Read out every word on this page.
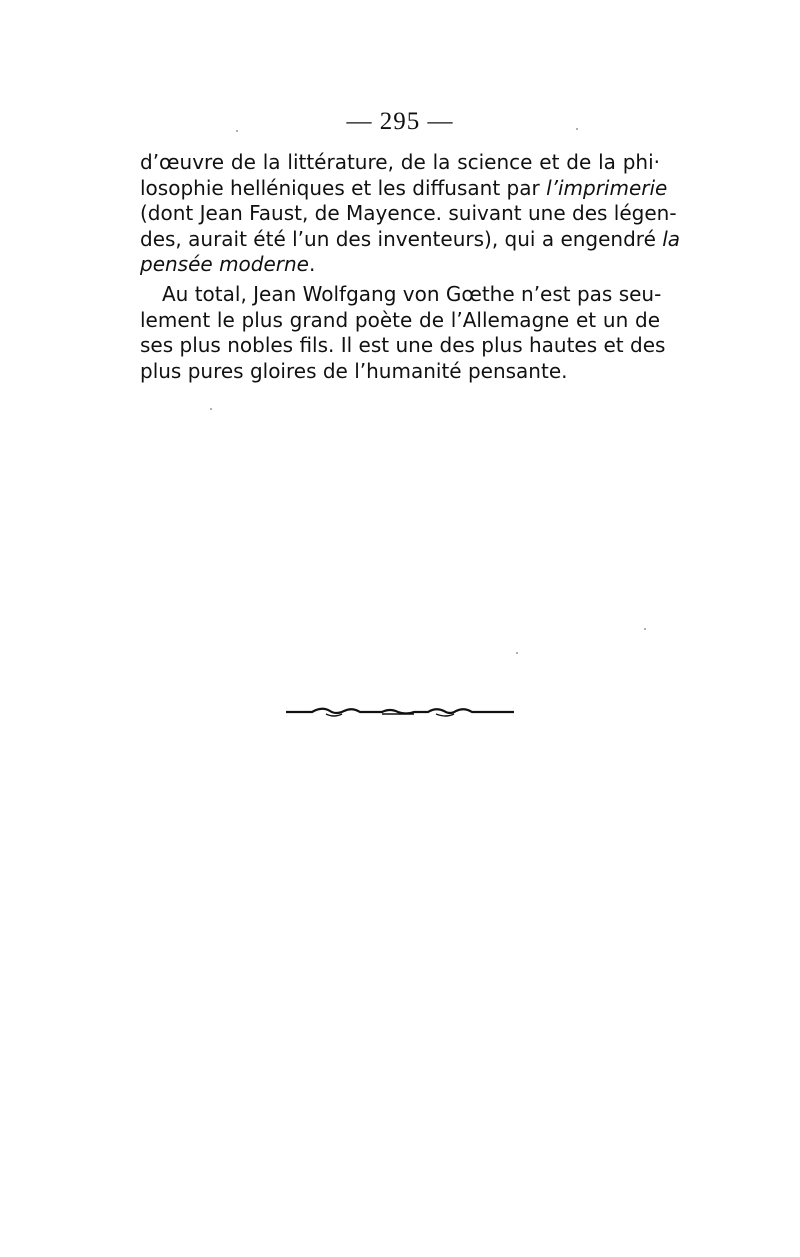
— 295 —
d’œuvre de la littérature, de la science et de la phi·
losophie helléniques et les diffusant par l’imprimerie
(dont Jean Faust, de Mayence. suivant une des légen-
des, aurait été l’un des inventeurs), qui a engendré la
pensée moderne.
Au total, Jean Wolfgang von Gœthe n’est pas seu-
lement le plus grand poète de l’Allemagne et un de
ses plus nobles fils. Il est une des plus hautes et des
plus pures gloires de l’humanité pensante.
